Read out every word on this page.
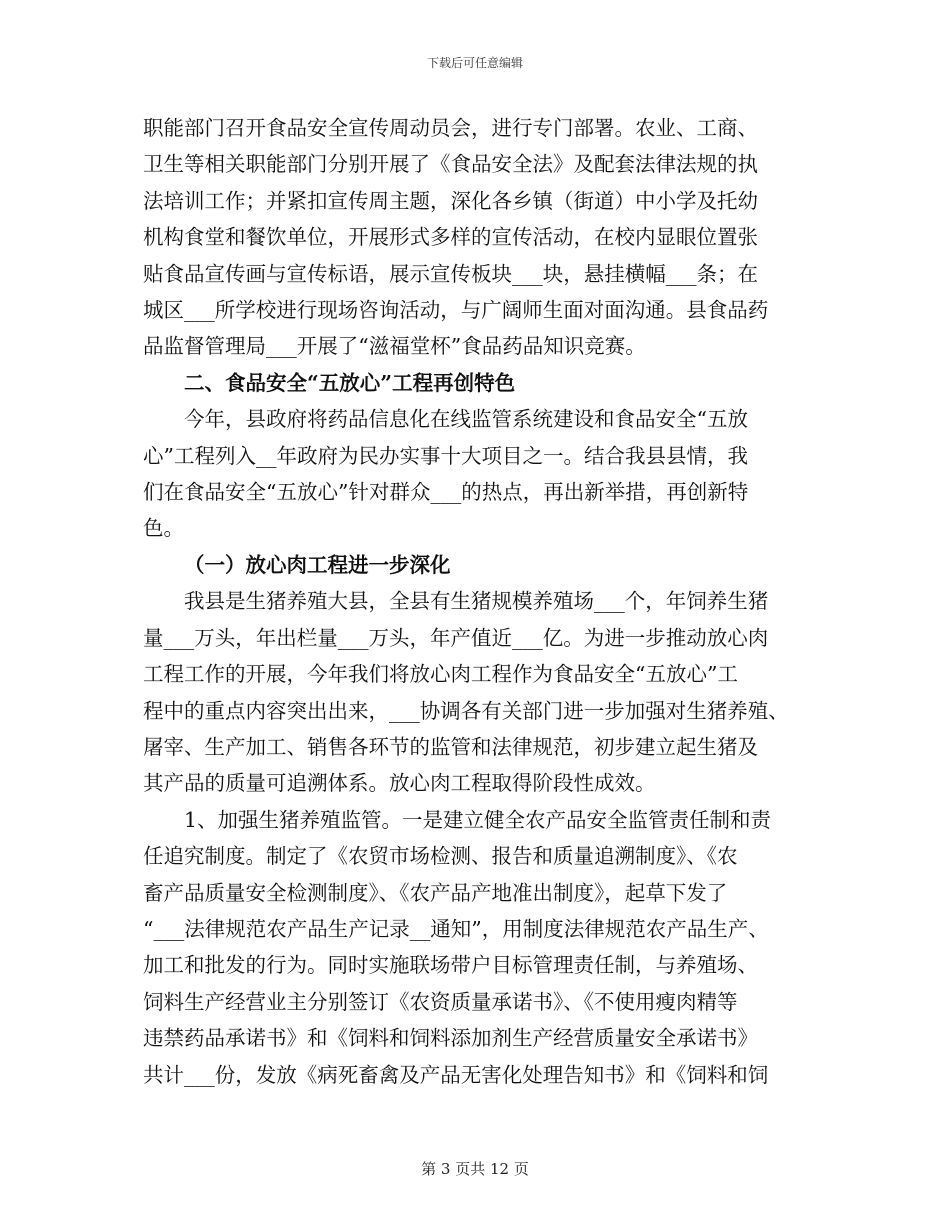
下载后可任意编辑
职能部门召开食品安全宣传周动员会，进行专门部署。农业、工商、
卫生等相关职能部门分别开展了《食品安全法》及配套法律法规的执
法培训工作；并紧扣宣传周主题，深化各乡镇（街道）中小学及托幼
机构食堂和餐饮单位，开展形式多样的宣传活动，在校内显眼位置张
贴食品宣传画与宣传标语，展示宣传板块___块，悬挂横幅___条；在
城区___所学校进行现场咨询活动，与广阔师生面对面沟通。县食品药
品监督管理局___开展了“滋福堂杯”食品药品知识竞赛。
二、食品安全“五放心”工程再创特色
今年，县政府将药品信息化在线监管系统建设和食品安全“五放
心”工程列入__年政府为民办实事十大项目之一。结合我县县情，我
们在食品安全“五放心”针对群众___的热点，再出新举措，再创新特
色。
（一）放心肉工程进一步深化
我县是生猪养殖大县，全县有生猪规模养殖场___个，年饲养生猪
量___万头，年出栏量___万头，年产值近___亿。为进一步推动放心肉
工程工作的开展，今年我们将放心肉工程作为食品安全“五放心”工
程中的重点内容突出出来，___协调各有关部门进一步加强对生猪养殖、
屠宰、生产加工、销售各环节的监管和法律规范，初步建立起生猪及
其产品的质量可追溯体系。放心肉工程取得阶段性成效。
1、加强生猪养殖监管。一是建立健全农产品安全监管责任制和责
任追究制度。制定了《农贸市场检测、报告和质量追溯制度》、《农
畜产品质量安全检测制度》、《农产品产地准出制度》，起草下发了
“___法律规范农产品生产记录__通知”，用制度法律规范农产品生产、
加工和批发的行为。同时实施联场带户目标管理责任制，与养殖场、
饲料生产经营业主分别签订《农资质量承诺书》、《不使用瘦肉精等
违禁药品承诺书》和《饲料和饲料添加剂生产经营质量安全承诺书》
共计___份，发放《病死畜禽及产品无害化处理告知书》和《饲料和饲
第 3 页共 12 页
